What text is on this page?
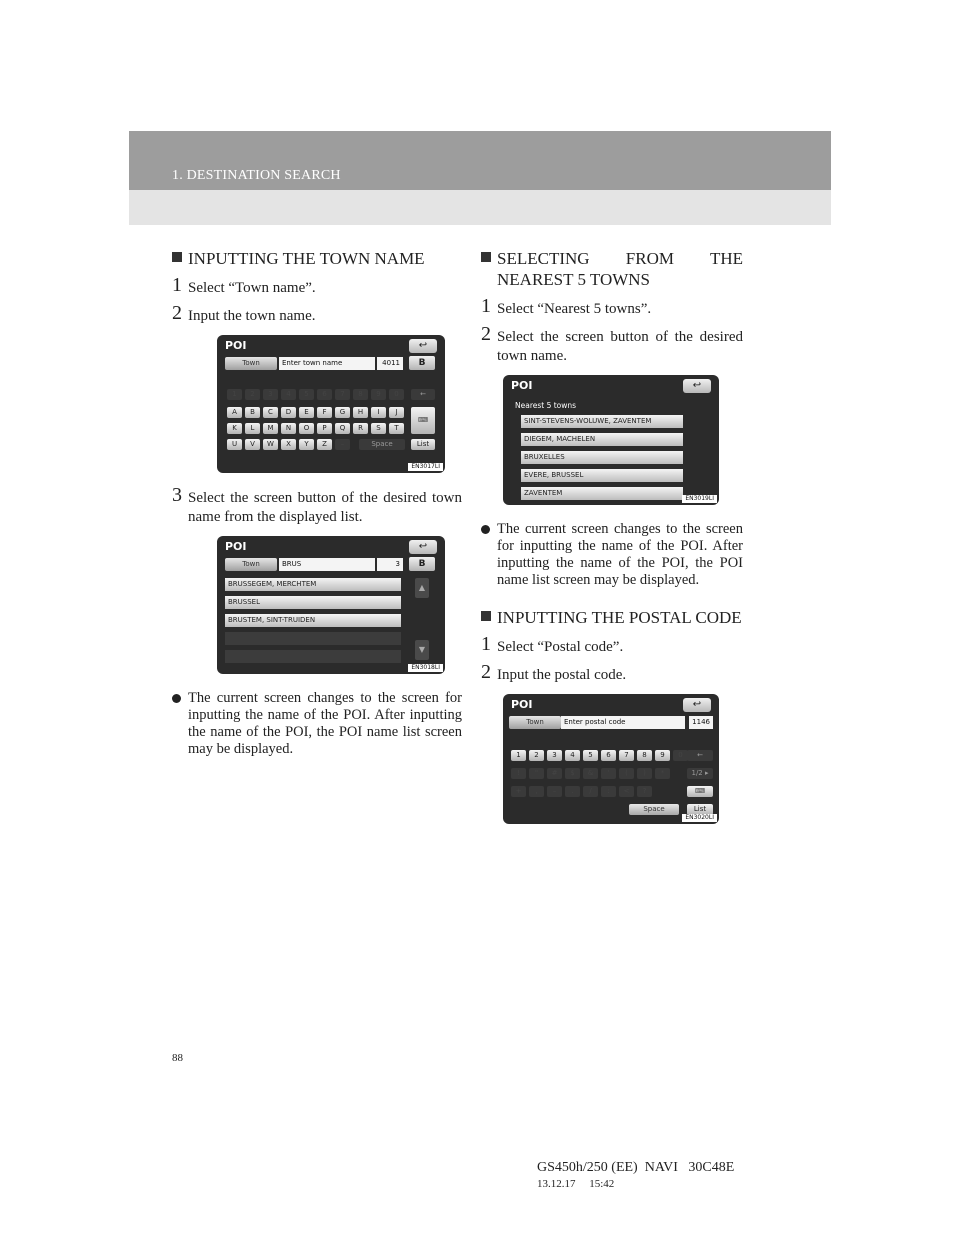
1. DESTINATION SEARCH
INPUTTING THE TOWN NAME
1 Select “Town name”.
2 Input the town name.
POI	↩
Town	Enter town name	4011	B
1	2	3	4	5	6	7	8	9	0	←
A	B	C	D	E	F	G	H	I	J
K	L	M	N	O	P	Q	R	S	T
⌨
U	V	W	X	Y	Z	–	Space	List
EN3017LI
3 Select the screen button of the desired town name from the displayed list.
POI	↩
Town	BRUS	3	B
BRUSSEGEM, MERCHTEM
BRUSSEL
BRUSTEM, SINT-TRUIDEN
▲
▼
EN3018LI
The current screen changes to the screen for inputting the name of the POI. After inputting the name of the POI, the POI name list screen may be displayed.
SELECTING FROM THE NEAREST 5 TOWNS
1 Select “Nearest 5 towns”.
2 Select the screen button of the desired town name.
POI	↩
Nearest 5 towns
SINT-STEVENS-WOLUWE, ZAVENTEM
DIEGEM, MACHELEN
BRUXELLES
EVERE, BRUSSEL
ZAVENTEM
EN3019LI
The current screen changes to the screen for inputting the name of the POI. After inputting the name of the POI, the POI name list screen may be displayed.
INPUTTING THE POSTAL CODE
1 Select “Postal code”.
2 Input the postal code.
POI	↩
Town	Enter postal code	1146
1	2	3	4	5	6	7	8	9	0	←
!	"	#	$	&	'	(	)	*	1/2 ▸
+	,	–	.	/	:	<	?	⌨
Space	List
EN3020LI
88
GS450h/250 (EE)  NAVI   30C48E
13.12.17     15:42
